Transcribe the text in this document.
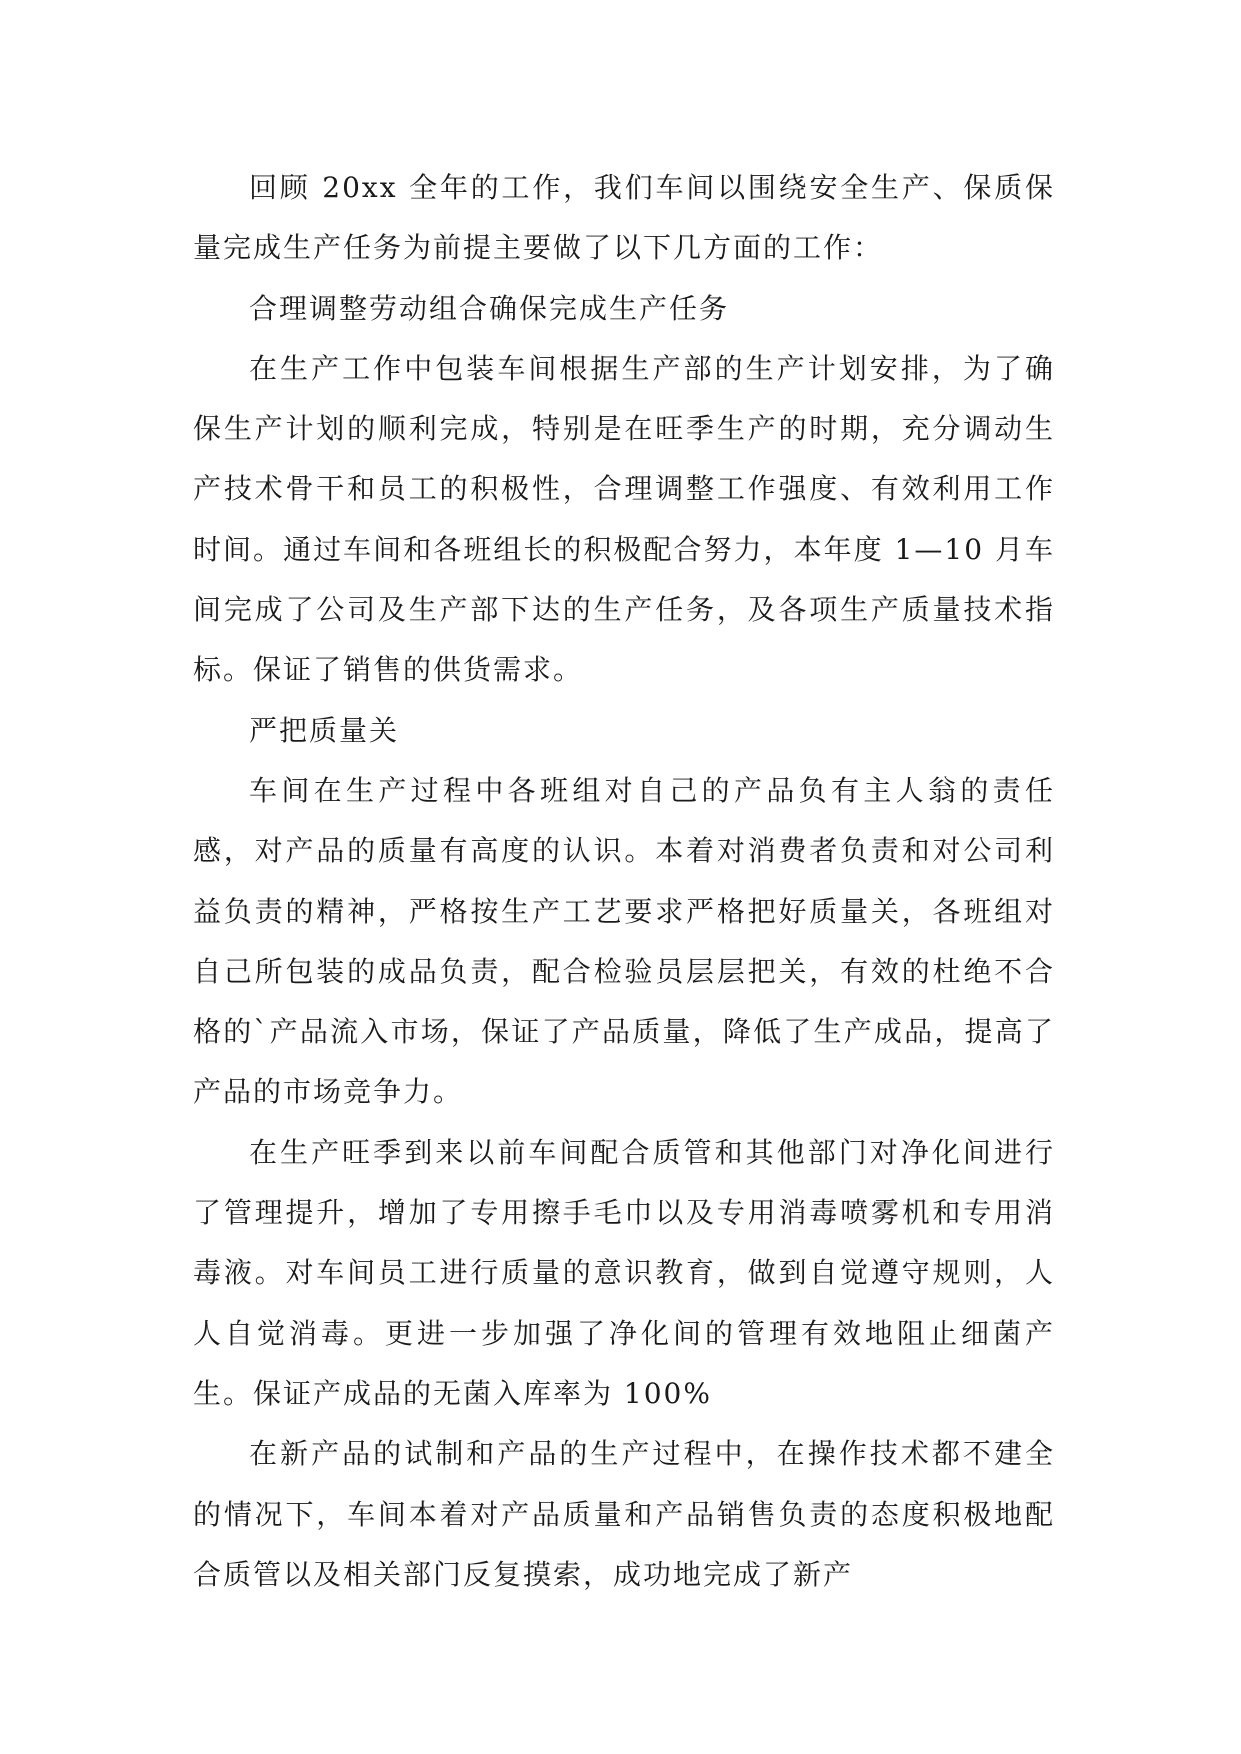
回顾 20xx 全年的工作，我们车间以围绕安全生产、保质保量完成生产任务为前提主要做了以下几方面的工作：

合理调整劳动组合确保完成生产任务

在生产工作中包装车间根据生产部的生产计划安排，为了确保生产计划的顺利完成，特别是在旺季生产的时期，充分调动生产技术骨干和员工的积极性，合理调整工作强度、有效利用工作时间。通过车间和各班组长的积极配合努力，本年度 1—10 月车间完成了公司及生产部下达的生产任务，及各项生产质量技术指标。保证了销售的供货需求。

严把质量关

车间在生产过程中各班组对自己的产品负有主人翁的责任感，对产品的质量有高度的认识。本着对消费者负责和对公司利益负责的精神，严格按生产工艺要求严格把好质量关，各班组对自己所包装的成品负责，配合检验员层层把关，有效的杜绝不合格的`产品流入市场，保证了产品质量，降低了生产成品，提高了产品的市场竞争力。

在生产旺季到来以前车间配合质管和其他部门对净化间进行了管理提升，增加了专用擦手毛巾以及专用消毒喷雾机和专用消毒液。对车间员工进行质量的意识教育，做到自觉遵守规则，人人自觉消毒。更进一步加强了净化间的管理有效地阻止细菌产生。保证产成品的无菌入库率为 100%

在新产品的试制和产品的生产过程中，在操作技术都不建全的情况下，车间本着对产品质量和产品销售负责的态度积极地配合质管以及相关部门反复摸索，成功地完成了新产
